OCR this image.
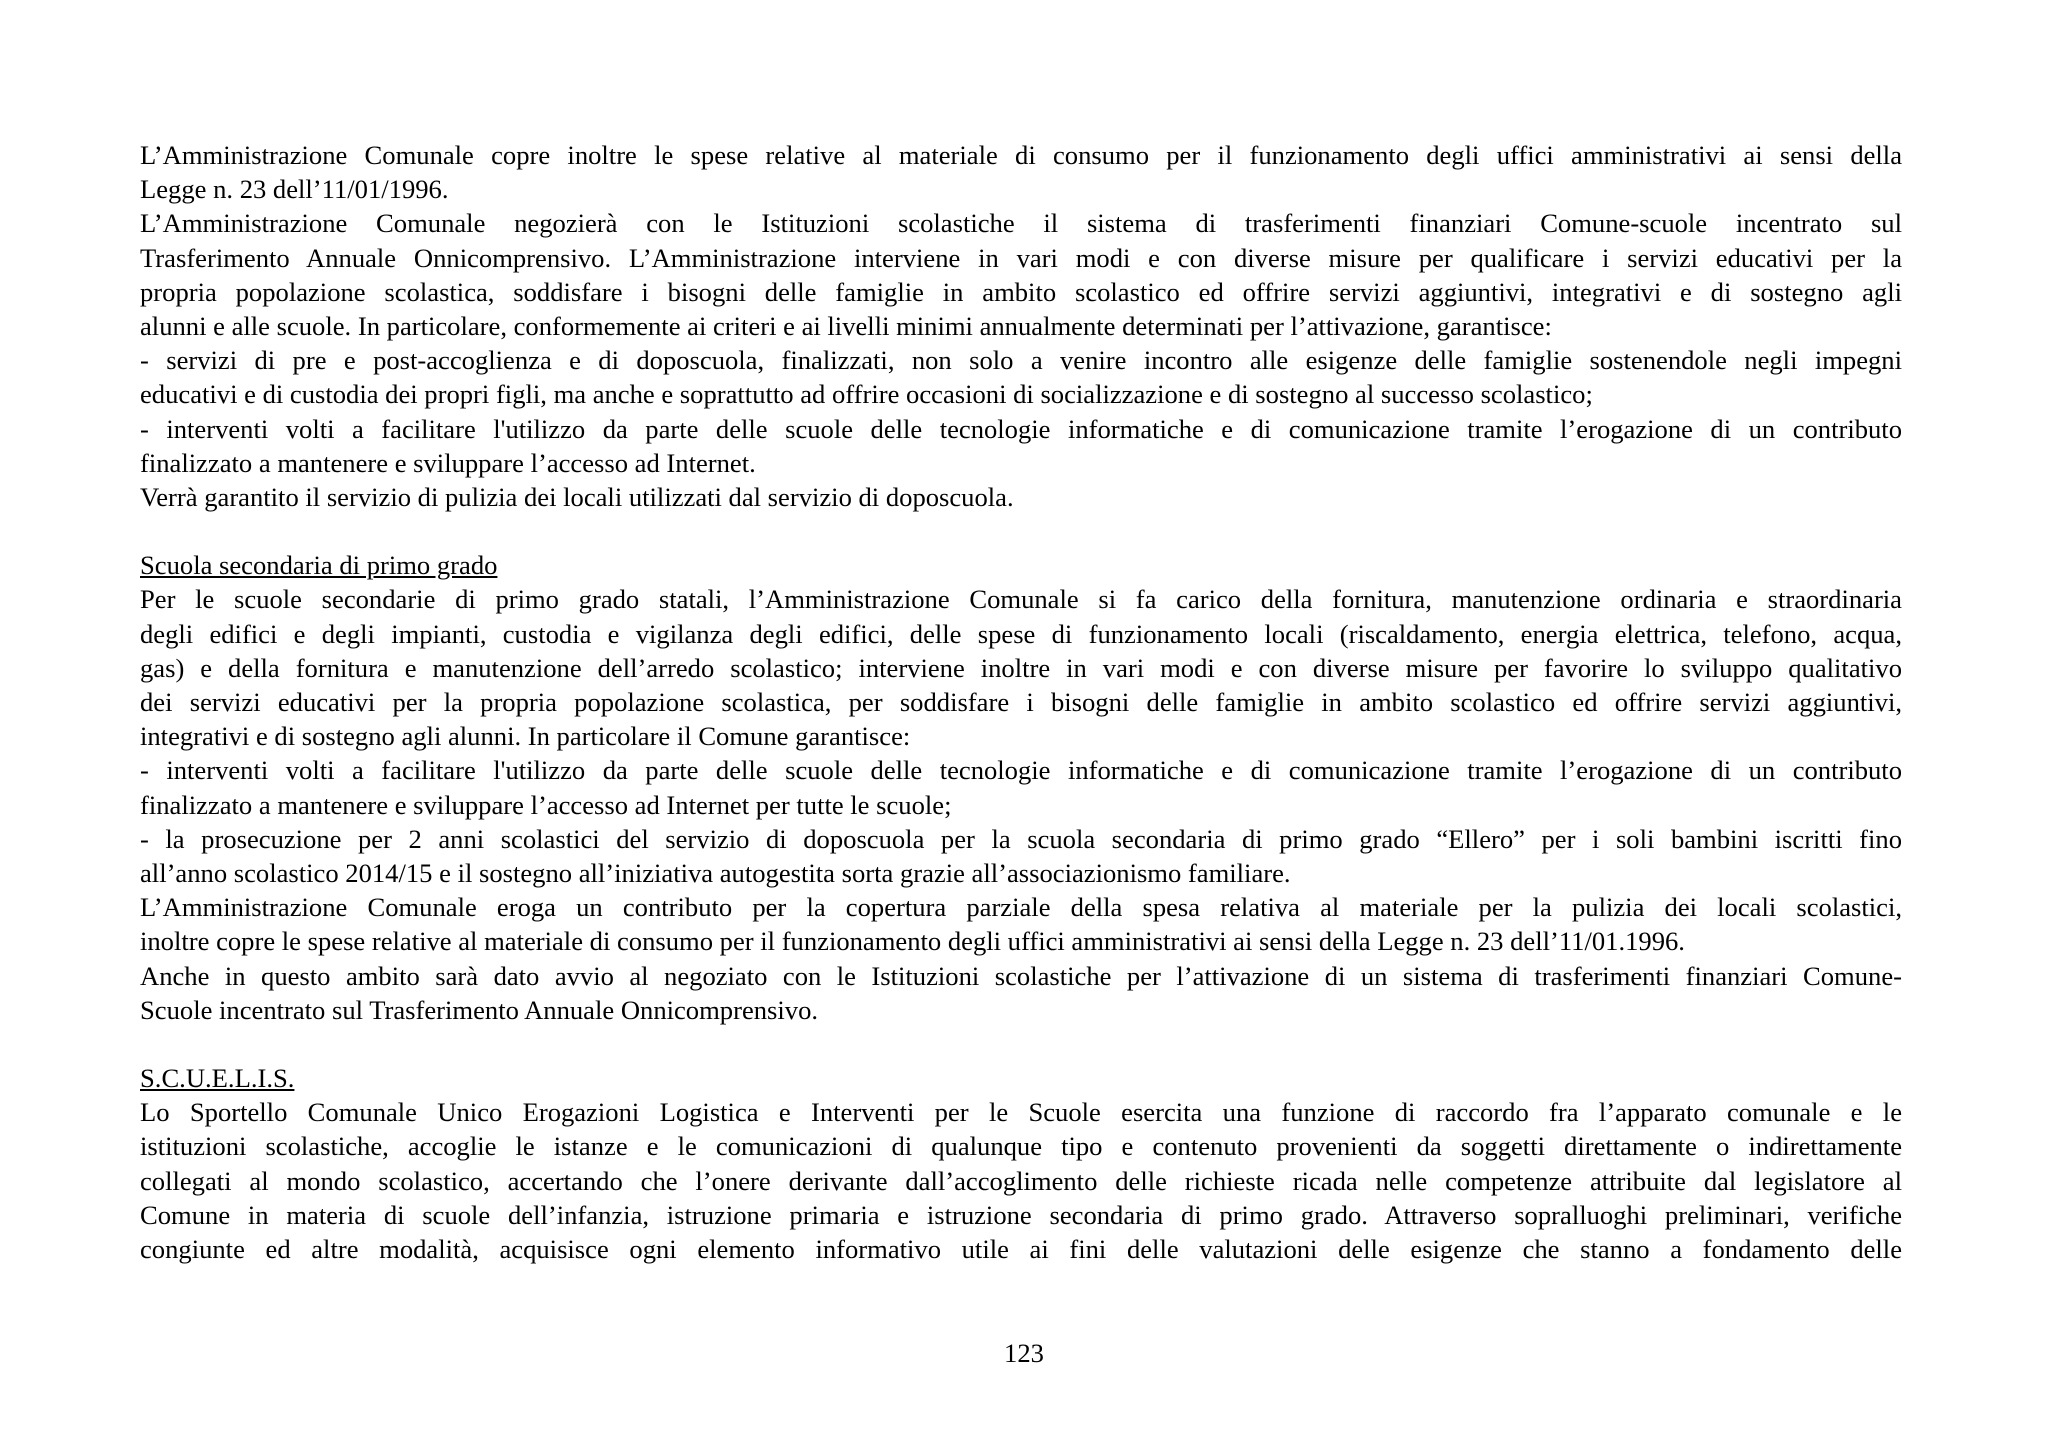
L’Amministrazione Comunale copre inoltre le spese relative al materiale di consumo per il funzionamento degli uffici amministrativi ai sensi della
Legge n. 23 dell’11/01/1996.
L’Amministrazione Comunale negozierà con le Istituzioni scolastiche il sistema di trasferimenti finanziari Comune-scuole incentrato sul
Trasferimento Annuale Onnicomprensivo. L’Amministrazione interviene in vari modi e con diverse misure per qualificare i servizi educativi per la
propria popolazione scolastica, soddisfare i bisogni delle famiglie in ambito scolastico ed offrire servizi aggiuntivi, integrativi e di sostegno agli
alunni e alle scuole. In particolare, conformemente ai criteri e ai livelli minimi annualmente determinati per l’attivazione, garantisce:
- servizi di pre e post-accoglienza e di doposcuola, finalizzati, non solo a venire incontro alle esigenze delle famiglie sostenendole negli impegni
educativi e di custodia dei propri figli, ma anche e soprattutto ad offrire occasioni di socializzazione e di sostegno al successo scolastico;
- interventi volti a facilitare l'utilizzo da parte delle scuole delle tecnologie informatiche e di comunicazione tramite l’erogazione di un contributo
finalizzato a mantenere e sviluppare l’accesso ad Internet.
Verrà garantito il servizio di pulizia dei locali utilizzati dal servizio di doposcuola.
Scuola secondaria di primo grado
Per le scuole secondarie di primo grado statali, l’Amministrazione Comunale si fa carico della fornitura, manutenzione ordinaria e straordinaria
degli edifici e degli impianti, custodia e vigilanza degli edifici, delle spese di funzionamento locali (riscaldamento, energia elettrica, telefono, acqua,
gas) e della fornitura e manutenzione dell’arredo scolastico; interviene inoltre in vari modi e con diverse misure per favorire lo sviluppo qualitativo
dei servizi educativi per la propria popolazione scolastica, per soddisfare i bisogni delle famiglie in ambito scolastico ed offrire servizi aggiuntivi,
integrativi e di sostegno agli alunni. In particolare il Comune garantisce:
- interventi volti a facilitare l'utilizzo da parte delle scuole delle tecnologie informatiche e di comunicazione tramite l’erogazione di un contributo
finalizzato a mantenere e sviluppare l’accesso ad Internet per tutte le scuole;
- la prosecuzione per 2 anni scolastici del servizio di doposcuola per la scuola secondaria di primo grado “Ellero” per i soli bambini iscritti fino
all’anno scolastico 2014/15 e il sostegno all’iniziativa autogestita sorta grazie all’associazionismo familiare.
L’Amministrazione Comunale eroga un contributo per la copertura parziale della spesa relativa al materiale per la pulizia dei locali scolastici,
inoltre copre le spese relative al materiale di consumo per il funzionamento degli uffici amministrativi ai sensi della Legge n. 23 dell’11/01.1996.
Anche in questo ambito sarà dato avvio al negoziato con le Istituzioni scolastiche per l’attivazione di un sistema di trasferimenti finanziari Comune-
Scuole incentrato sul Trasferimento Annuale Onnicomprensivo.
S.C.U.E.L.I.S.
Lo Sportello Comunale Unico Erogazioni Logistica e Interventi per le Scuole esercita una funzione di raccordo fra l’apparato comunale e le
istituzioni scolastiche, accoglie le istanze e le comunicazioni di qualunque tipo e contenuto provenienti da soggetti direttamente o indirettamente
collegati al mondo scolastico, accertando che l’onere derivante dall’accoglimento delle richieste ricada nelle competenze attribuite dal legislatore al
Comune in materia di scuole dell’infanzia, istruzione primaria e istruzione secondaria di primo grado. Attraverso sopralluoghi preliminari, verifiche
congiunte ed altre modalità, acquisisce ogni elemento informativo utile ai fini delle valutazioni delle esigenze che stanno a fondamento delle
123
